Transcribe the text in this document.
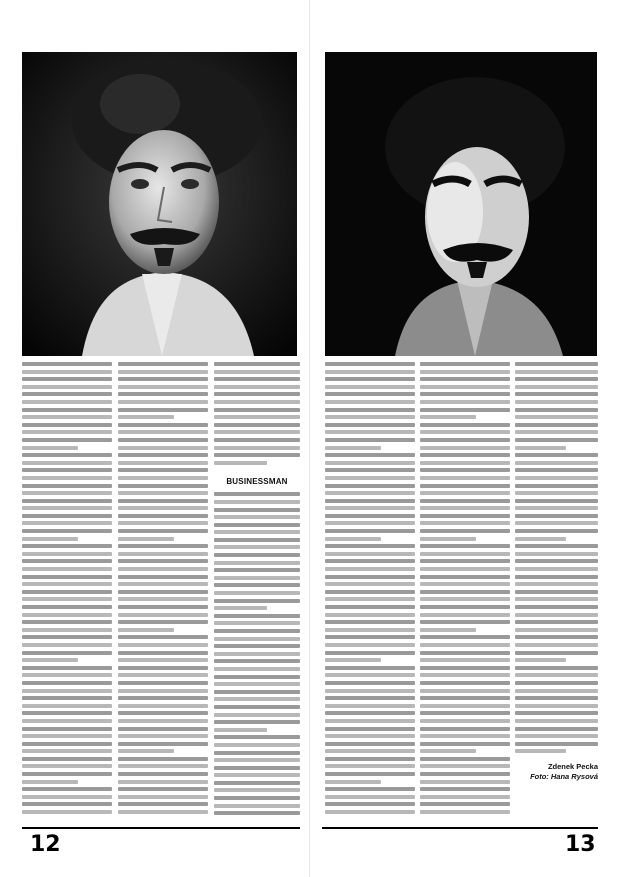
BUSINESSMAN
Zdenek Pecka
Foto: Hana Rysová
12	13
